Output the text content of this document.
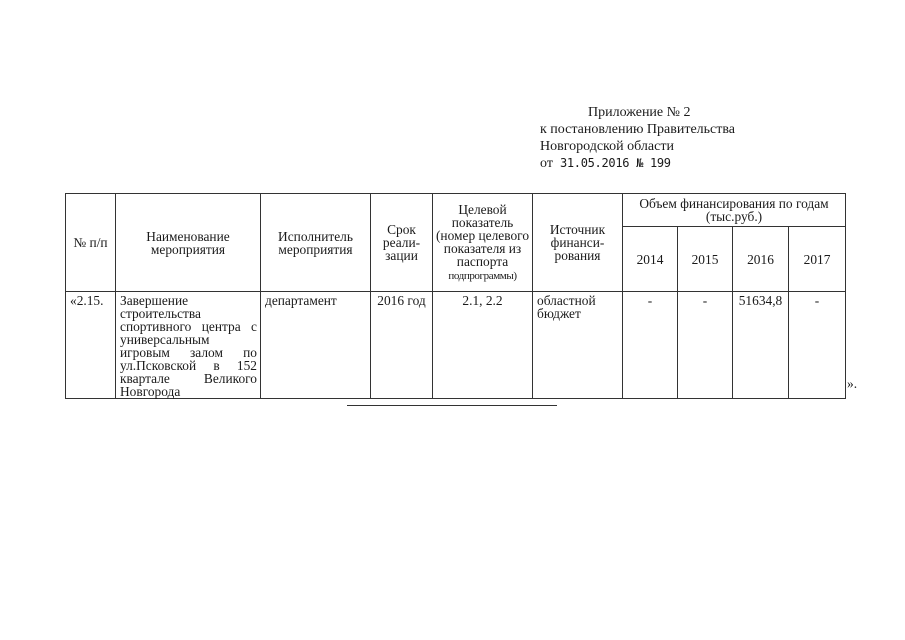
Приложение № 2
к постановлению Правительства
Новгородской области
от 31.05.2016 № 199
№ п/п	Наименование мероприятия	Исполнитель мероприятия	Срок реали-зации	Целевой показатель (номер целевого показателя из паспорта подпрограммы)	Источник финанси-рования	Объем финансирования по годам (тыс.руб.)			
						2014	2015	2016	2017
«2.15.	Завершение строительства спортивного центра с универсальным игровым залом по ул.Псковской в 152 квартале Великого Новгорода	департамент	2016 год	2.1, 2.2	областной бюджет	-	-	51634,8	-
».
